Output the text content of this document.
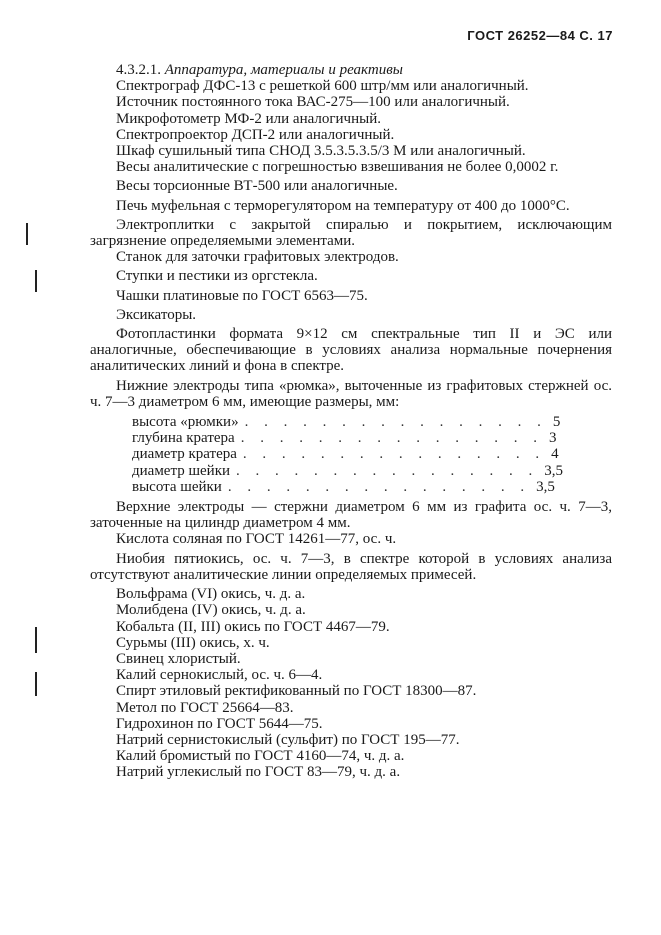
ГОСТ 26252—84 С. 17

4.3.2.1. Аппаратура, материалы и реактивы

Спектрограф ДФС-13 с решеткой 600 штр/мм или аналогичный.

Источник постоянного тока ВАС-275—100 или аналогичный.

Микрофотометр МФ-2 или аналогичный.

Спектропроектор ДСП-2 или аналогичный.

Шкаф сушильный типа СНОД 3.5.3.5.3.5/3 М или аналогичный.

Весы аналитические с погрешностью взвешивания не более 0,0002 г.

Весы торсионные ВТ-500 или аналогичные.

Печь муфельная с терморегулятором на температуру от 400 до 1000°C.

Электроплитки с закрытой спиралью и покрытием, исключающим загрязнение определяемыми элементами.

Станок для заточки графитовых электродов.

Ступки и пестики из оргстекла.

Чашки платиновые по ГОСТ 6563—75.

Эксикаторы.

Фотопластинки формата 9×12 см спектральные тип II и ЭС или аналогичные, обеспечивающие в условиях анализа нормальные почернения аналитических линий и фона в спектре.

Нижние электроды типа «рюмка», выточенные из графитовых стержней ос. ч. 7—3 диаметром 6 мм, имеющие размеры, мм:

высота «рюмки» . . . . . . . . . . . . . . . . 5
глубина кратера . . . . . . . . . . . . . . . . 3
диаметр кратера . . . . . . . . . . . . . . . . 4
диаметр шейки . . . . . . . . . . . . . . . . 3,5
высота шейки . . . . . . . . . . . . . . . . 3,5

Верхние электроды — стержни диаметром 6 мм из графита ос. ч. 7—3, заточенные на цилиндр диаметром 4 мм.

Кислота соляная по ГОСТ 14261—77, ос. ч.

Ниобия пятиокись, ос. ч. 7—3, в спектре которой в условиях анализа отсутствуют аналитические линии определяемых примесей.

Вольфрама (VI) окись, ч. д. а.

Молибдена (IV) окись, ч. д. а.

Кобальта (II, III) окись по ГОСТ 4467—79.

Сурьмы (III) окись, х. ч.

Свинец хлористый.

Калий сернокислый, ос. ч. 6—4.

Спирт этиловый ректификованный по ГОСТ 18300—87.

Метол по ГОСТ 25664—83.

Гидрохинон по ГОСТ 5644—75.

Натрий сернистокислый (сульфит) по ГОСТ 195—77.

Калий бромистый по ГОСТ 4160—74, ч. д. а.

Натрий углекислый по ГОСТ 83—79, ч. д. а.
